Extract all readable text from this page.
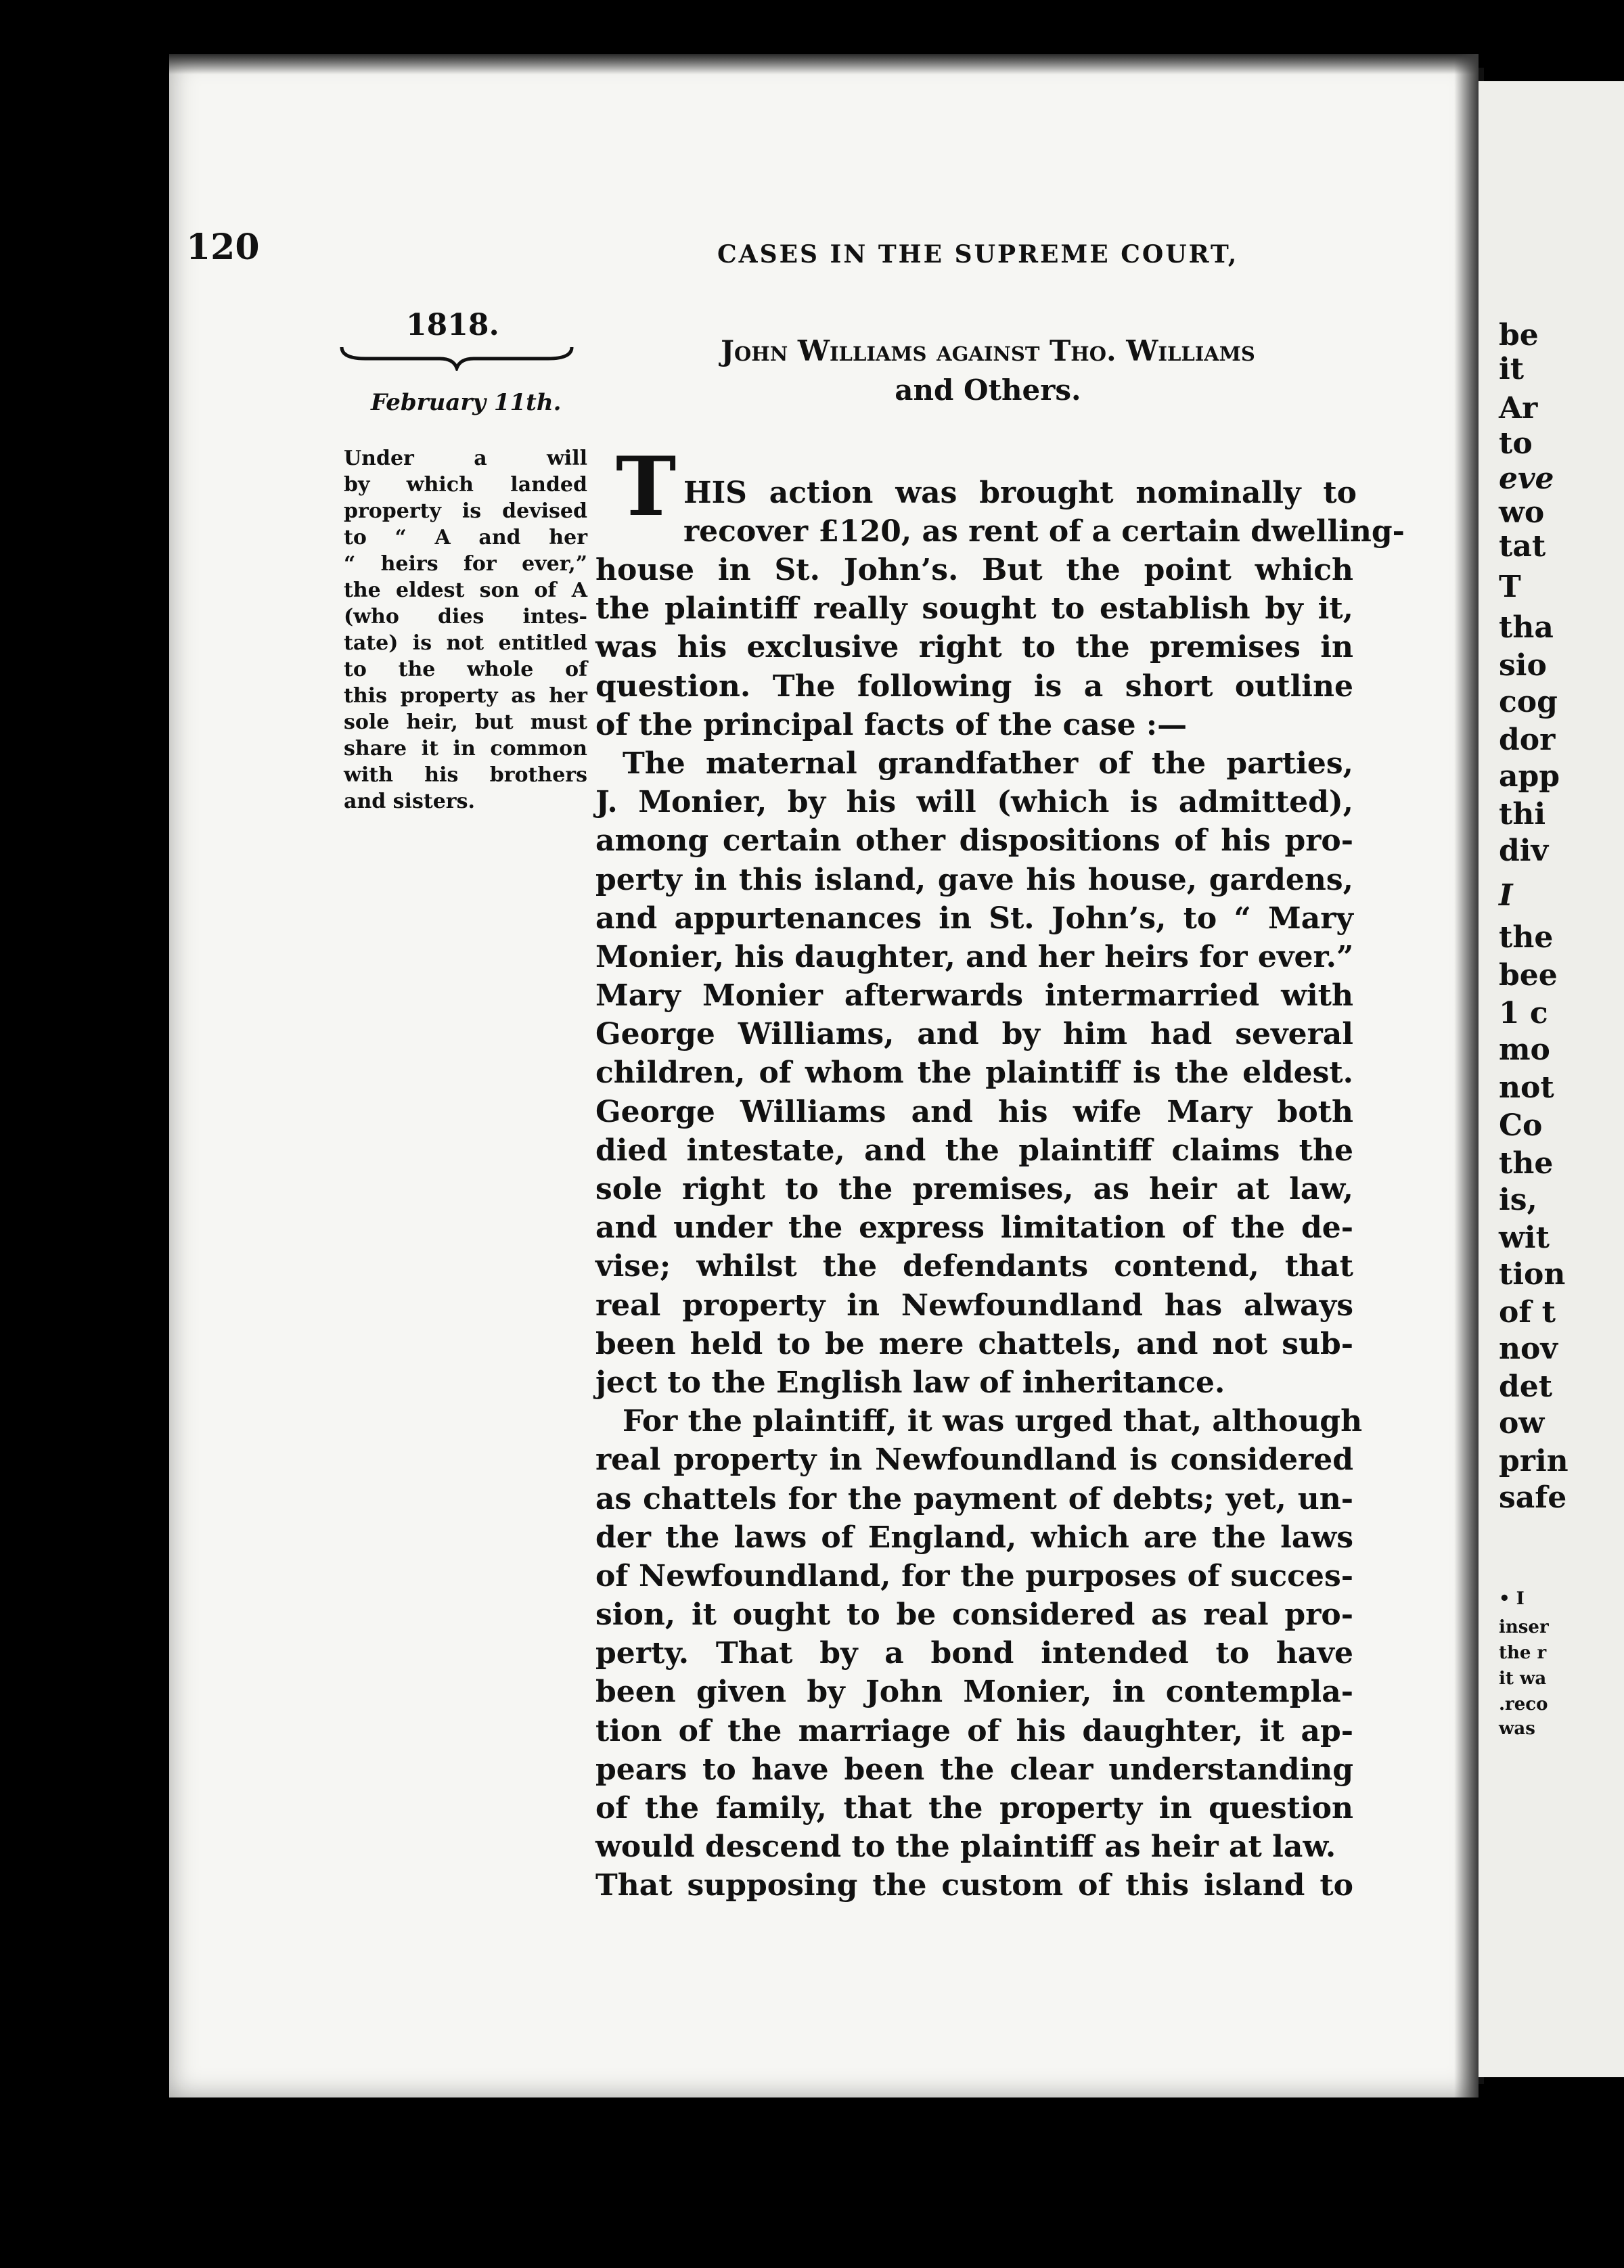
be
it
Ar
to
eve
wo
tat
T
tha
sio
cog
dor
app
thi
div
I
the
bee
1 c
mo
not
Co
the
is,
wit
tion
of t
nov
det
ow
prin
safe
• I
inser
the r
it wa
.reco
was
120	CASES IN THE SUPREME COURT,
1818.
February 11th.
Under a will
by which landed
property is devised
to “ A and her
“ heirs for ever,”
the eldest son of A
(who dies intes-
tate) is not entitled
to the whole of
this property as her
sole heir, but must
share it in common
with his brothers
and sisters.
John Williams against Tho. Williams
and Others.
T HIS action was brought nominally to
recover £120, as rent of a certain dwelling-
house in St. John’s. But the point which
the plaintiff really sought to establish by it,
was his exclusive right to the premises in
question. The following is a short outline
of the principal facts of the case :—
The maternal grandfather of the parties,
J. Monier, by his will (which is admitted),
among certain other dispositions of his pro-
perty in this island, gave his house, gardens,
and appurtenances in St. John’s, to “ Mary
Monier, his daughter, and her heirs for ever.”
Mary Monier afterwards intermarried with
George Williams, and by him had several
children, of whom the plaintiff is the eldest.
George Williams and his wife Mary both
died intestate, and the plaintiff claims the
sole right to the premises, as heir at law,
and under the express limitation of the de-
vise; whilst the defendants contend, that
real property in Newfoundland has always
been held to be mere chattels, and not sub-
ject to the English law of inheritance.
For the plaintiff, it was urged that, although
real property in Newfoundland is considered
as chattels for the payment of debts; yet, un-
der the laws of England, which are the laws
of Newfoundland, for the purposes of succes-
sion, it ought to be considered as real pro-
perty. That by a bond intended to have
been given by John Monier, in contempla-
tion of the marriage of his daughter, it ap-
pears to have been the clear understanding
of the family, that the property in question
would descend to the plaintiff as heir at law.
That supposing the custom of this island to
